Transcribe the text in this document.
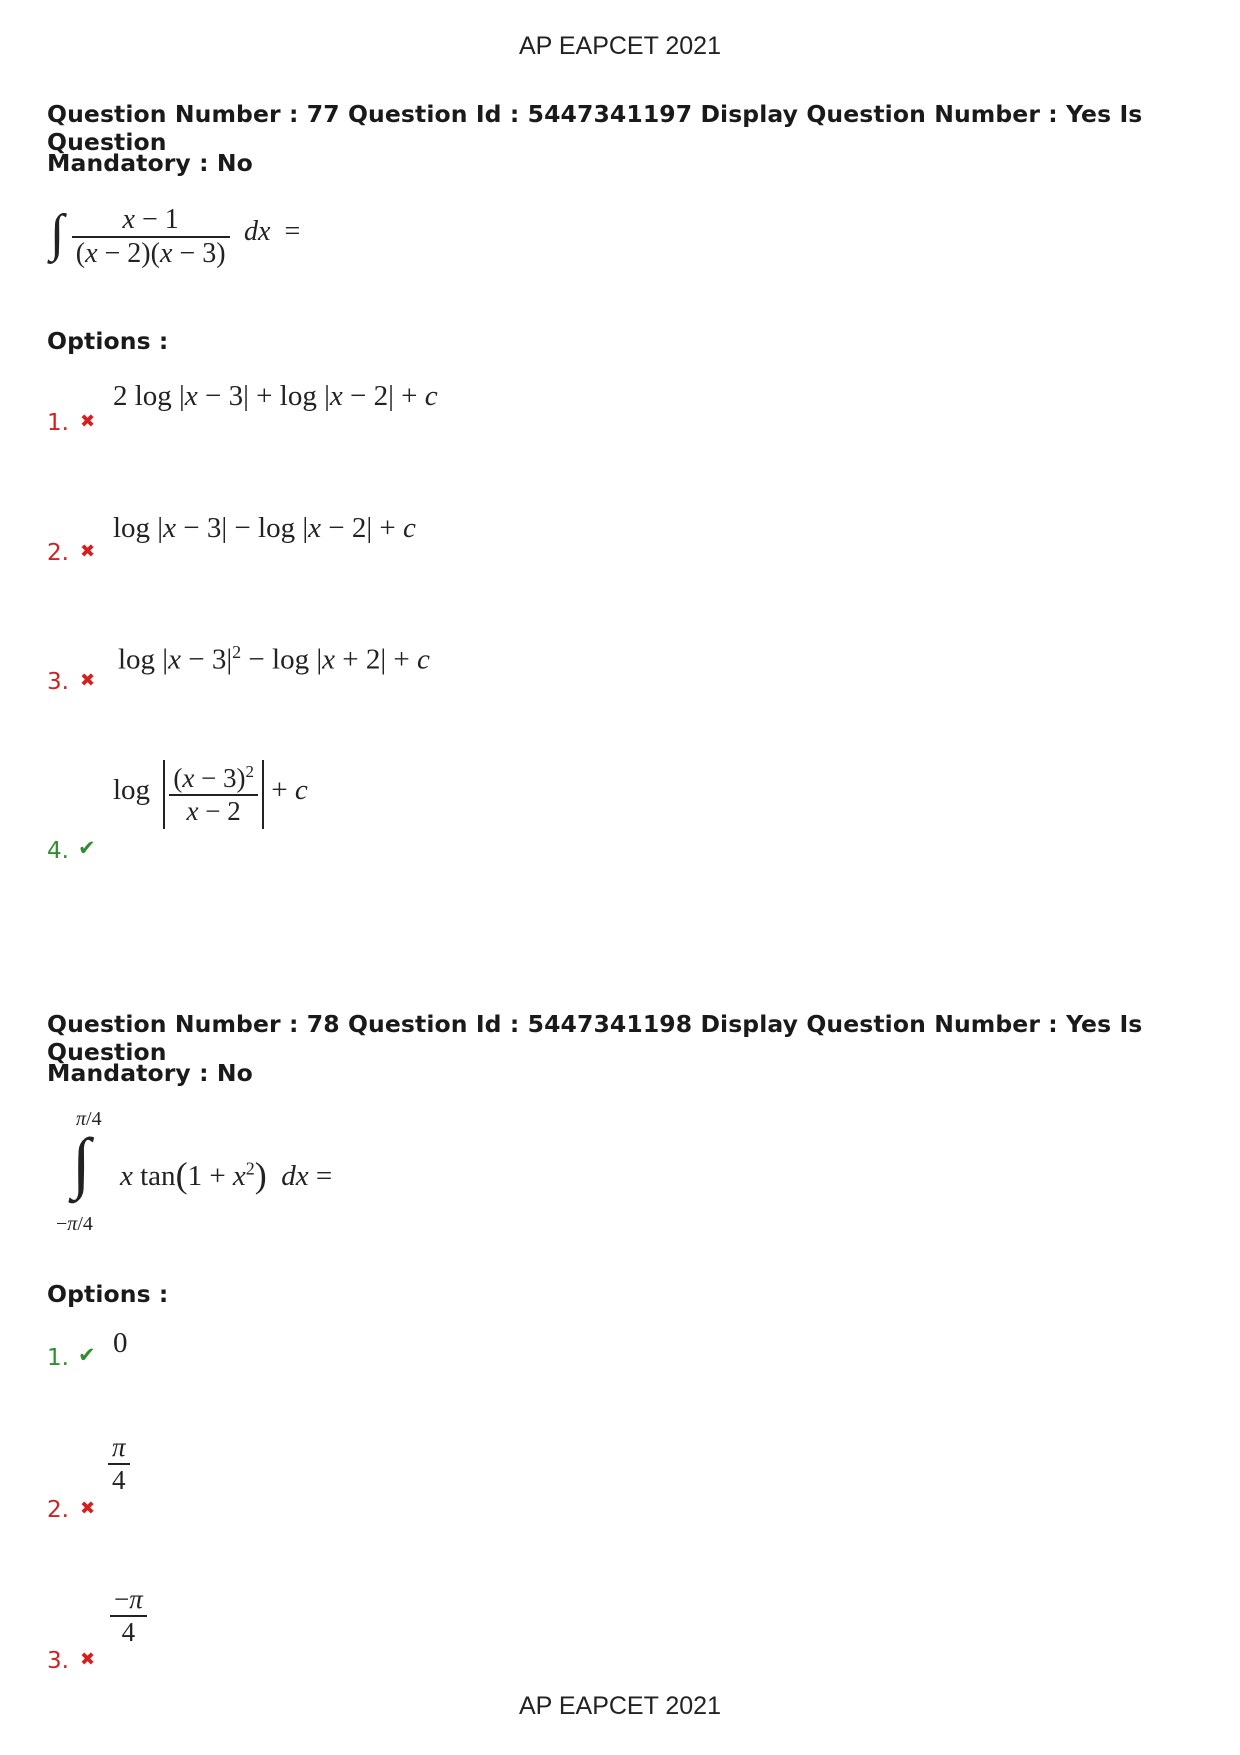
AP EAPCET 2021
Question Number : 77 Question Id : 5447341197 Display Question Number : Yes Is Question
Mandatory : No
∫ $\frac{x - 1}{(x - 2)(x - 3)}$ dx  =
Options :
1. ✖
2 log |x − 3| + log |x − 2| + c
2. ✖
log |x − 3| − log |x − 2| + c
3. ✖
$\log |x - 3|^2 - \log |x + 2| + c$
4. ✔
$\log \frac{(x - 3)^2}{x - 2} + c$
Question Number : 78 Question Id : 5447341198 Display Question Number : Yes Is Question
Mandatory : No
π/4
−π/4
∫ x $\tan(1 + x^2)$ dx =
Options :
1. ✔ 0
2. ✖
$\frac{\pi}{4}$
3. ✖
$\frac{-\pi}{4}$
AP EAPCET 2021
